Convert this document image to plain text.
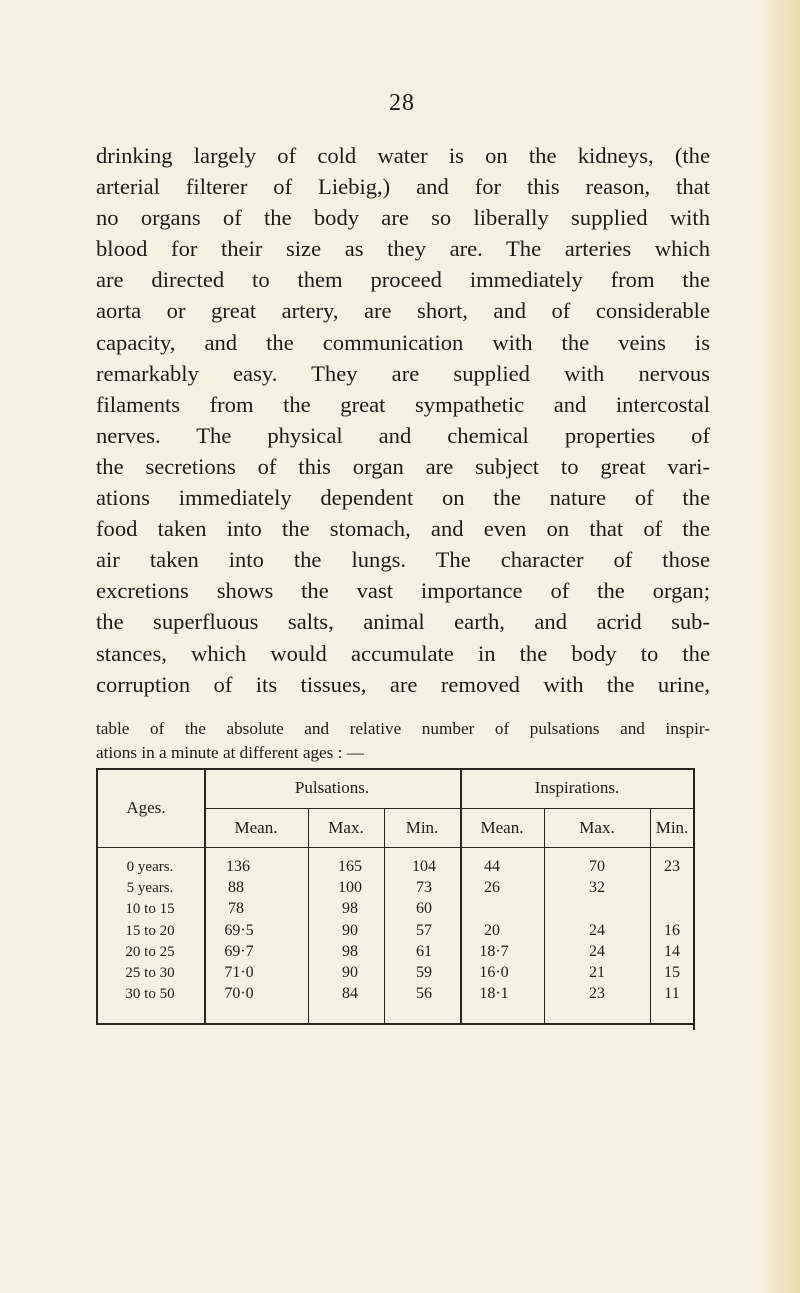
28
drinking largely of cold water is on the kidneys, (the
arterial filterer of Liebig,) and for this reason, that
no organs of the body are so liberally supplied with
blood for their size as they are. The arteries which
are directed to them proceed immediately from the
aorta or great artery, are short, and of considerable
capacity, and the communication with the veins is
remarkably easy. They are supplied with nervous
filaments from the great sympathetic and intercostal
nerves. The physical and chemical properties of
the secretions of this organ are subject to great vari-
ations immediately dependent on the nature of the
food taken into the stomach, and even on that of the
air taken into the lungs. The character of those
excretions shows the vast importance of the organ;
the superfluous salts, animal earth, and acrid sub-
stances, which would accumulate in the body to the
corruption of its tissues, are removed with the urine,
table of the absolute and relative number of pulsations and inspir-
ations in a minute at different ages : —
Ages.
Pulsations.	Inspirations.
Mean.	Max.	Min.	Mean.	Max.	Min.
0 years.	136	165	104	44	70	23
5 years.	88	100	73	26	32
10 to 15	78	98	60
15 to 20	69·5	90	57	20	24	16
20 to 25	69·7	98	61	18·7	24	14
25 to 30	71·0	90	59	16·0	21	15
30 to 50	70·0	84	56	18·1	23	11
